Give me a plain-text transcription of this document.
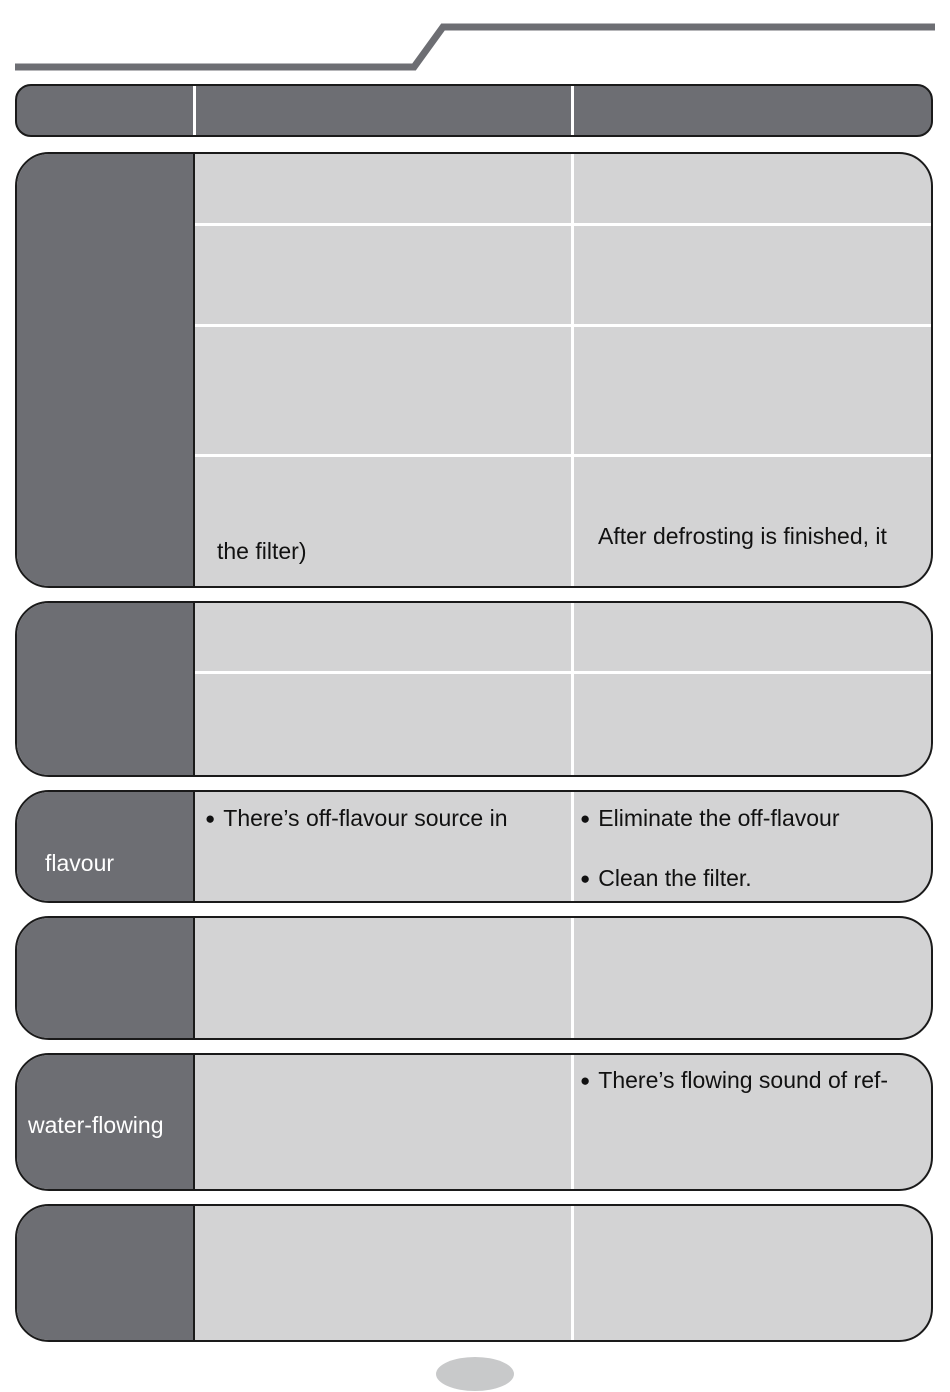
the filter)
After defrosting is finished, it
flavour
● There’s off-flavour source in	● Eliminate the off-flavour
● Clean the filter.
water-flowing
● There’s flowing sound of ref-
